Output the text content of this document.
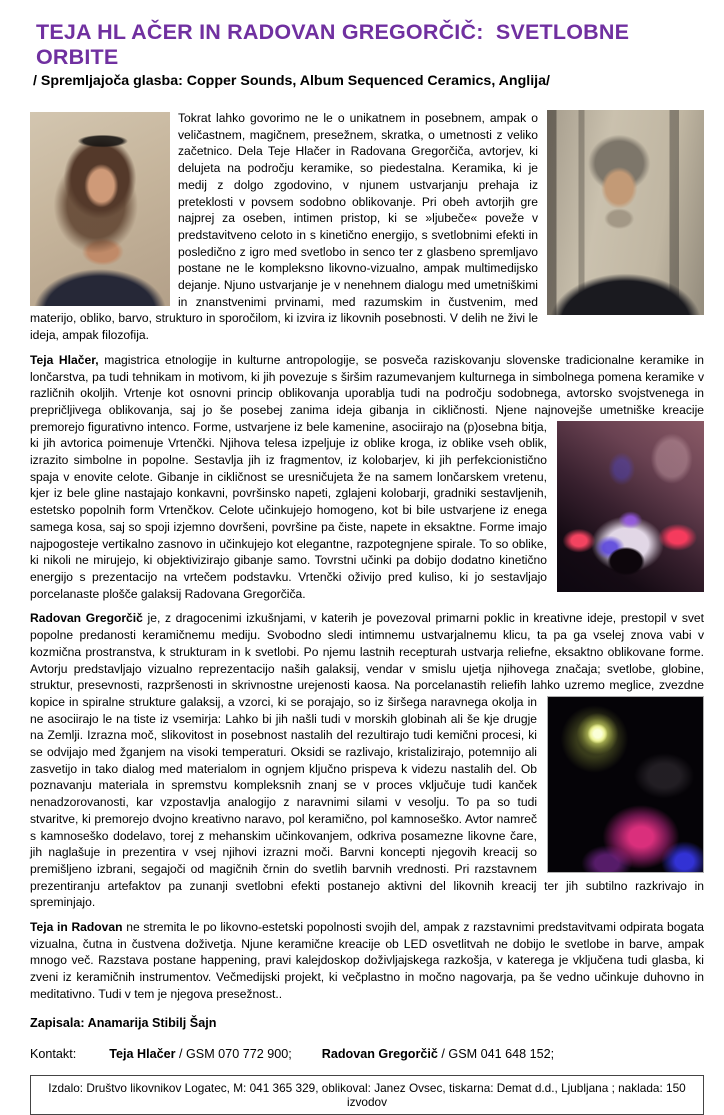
TEJA HL AČER IN RADOVAN GREGORČIČ:  SVETLOBNE ORBITE
/ Spremljajoča glasba: Copper Sounds, Album Sequenced Ceramics, Anglija/
Tokrat lahko govorimo ne le o unikatnem in posebnem, ampak o veličastnem, magičnem, presežnem, skratka, o umetnosti z veliko začetnico. Dela Teje Hlačer in Radovana Gregorčiča, avtorjev, ki delujeta na področju keramike, so piedestalna. Keramika, ki je medij z dolgo zgodovino, v njunem ustvarjanju prehaja iz preteklosti v povsem sodobno oblikovanje. Pri obeh avtorjih gre najprej za oseben, intimen pristop, ki se »ljubeče« poveže v predstavitveno celoto in s kinetično energijo, s svetlobnimi efekti in posledično z igro med svetlobo in senco ter z glasbeno spremljavo postane ne le kompleksno likovno-vizualno, ampak multimedijsko dejanje. Njuno ustvarjanje je v nenehnem dialogu med umetniškimi in znanstvenimi prvinami, med razumskim in čustvenim, med materijo, obliko, barvo, strukturo in sporočilom, ki izvira iz likovnih posebnosti. V delih ne živi le ideja, ampak filozofija.
Teja Hlačer, magistrica etnologije in kulturne antropologije, se posveča raziskovanju slovenske tradicionalne keramike in lončarstva, pa tudi tehnikam in motivom, ki jih povezuje s širšim razumevanjem kulturnega in simbolnega pomena keramike v različnih okoljih. Vrtenje kot osnovni princip oblikovanja uporablja tudi na področju sodobnega, avtorsko svojstvenega in prepričljivega oblikovanja, saj jo še posebej zanima ideja gibanja in cikličnosti. Njene najnovejše umetniške kreacije premorejo figurativno intenco. Forme, ustvarjene
iz bele kamenine, asociirajo na (p)osebna bitja, ki jih avtorica poimenuje Vrtenčki. Njihova telesa izpeljuje iz oblike kroga, iz oblike vseh oblik, izrazito simbolne in popolne. Sestavlja jih iz fragmentov, iz kolobarjev, ki jih perfekcionistično spaja v enovite celote. Gibanje in cikličnost se uresničujeta že na samem lončarskem vretenu, kjer iz bele gline nastajajo konkavni, površinsko napeti, zglajeni kolobarji, gradniki sestavljenih, estetsko popolnih form Vrtenčkov. Celote učinkujejo homogeno, kot bi bile ustvarjene iz enega samega kosa, saj so spoji izjemno dovršeni, površine pa čiste, napete in eksaktne. Forme imajo najpogosteje vertikalno zasnovo in učinkujejo kot elegantne, razpotegnjene spirale. To so oblike, ki nikoli ne mirujejo, ki objektivizirajo gibanje samo. Tovrstni učinki pa dobijo dodatno kinetično energijo s prezentacijo na vrtečem podstavku. Vrtenčki oživijo pred kuliso, ki jo sestavljajo porcelanaste plošče galaksij Radovana Gregorčiča.
Radovan Gregorčič je, z dragocenimi izkušnjami, v katerih je povezoval primarni poklic in kreativne ideje, prestopil v svet popolne predanosti keramičnemu mediju. Svobodno sledi intimnemu ustvarjalnemu klicu, ta pa ga vselej znova vabi v kozmična prostranstva, k strukturam in k svetlobi. Po njemu lastnih recepturah ustvarja reliefne, eksaktno oblikovane forme. Avtorju predstavljajo vizualno reprezentacijo naših galaksij, vendar v smislu ujetja njihovega značaja; svetlobe, globine, struktur, presevnosti, razpršenosti in skrivnostne urejenosti kaosa. Na porcelanastih reliefih lahko uzremo meglice, zvezdne kopice in spiralne strukture galaksij, a vzorci, ki
se porajajo, so iz širšega naravnega okolja in ne asociirajo le na tiste iz vsemirja: Lahko bi jih našli tudi v morskih globinah ali še kje drugje na Zemlji. Izrazna moč, slikovitost in posebnost nastalih del rezultirajo tudi kemični procesi, ki se odvijajo med žganjem na visoki temperaturi. Oksidi se razlivajo, kristalizirajo, potemnijo ali zasvetijo in tako dialog med materialom in ognjem ključno prispeva k videzu nastalih del. Ob poznavanju materiala in spremstvu kompleksnih znanj se v proces vključuje tudi kanček nenadzorovanosti, kar vzpostavlja analogijo z naravnimi silami v vesolju. To pa so tudi stvaritve, ki premorejo dvojno kreativno naravo, pol keramično, pol kamnoseško. Avtor namreč s kamnoseško dodelavo, torej z mehanskim učinkovanjem, odkriva posamezne likovne čare, jih naglašuje in prezentira v vsej njihovi izrazni moči. Barvni koncepti njegovih kreacij so premišljeno izbrani, segajoči od magičnih črnin do svetlih barvnih vrednosti. Pri razstavnem prezentiranju artefaktov pa zunanji svetlobni efekti postanejo aktivni del likovnih kreacij ter jih subtilno razkrivajo in spreminjajo.
Teja in Radovan ne stremita le po likovno-estetski popolnosti svojih del, ampak z razstavnimi predstavitvami odpirata bogata vizualna, čutna in čustvena doživetja. Njune keramične kreacije ob LED osvetlitvah ne dobijo le svetlobe in barve, ampak mnogo več. Razstava postane happening, pravi kalejdoskop doživljajskega razkošja, v katerega je vključena tudi glasba, ki zveni iz keramičnih instrumentov. Večmedijski projekt, ki večplastno in močno nagovarja, pa še vedno učinkuje duhovno in meditativno. Tudi v tem je njegova presežnost..
Zapisala: Anamarija Stibilj Šajn
Kontakt:	Teja Hlačer / GSM 070 772 900; Radovan Gregorčič / GSM 041 648 152;
Izdalo: Društvo likovnikov Logatec, M: 041 365 329, oblikoval: Janez Ovsec, tiskarna: Demat d.d., Ljubljana ; naklada: 150 izvodov
